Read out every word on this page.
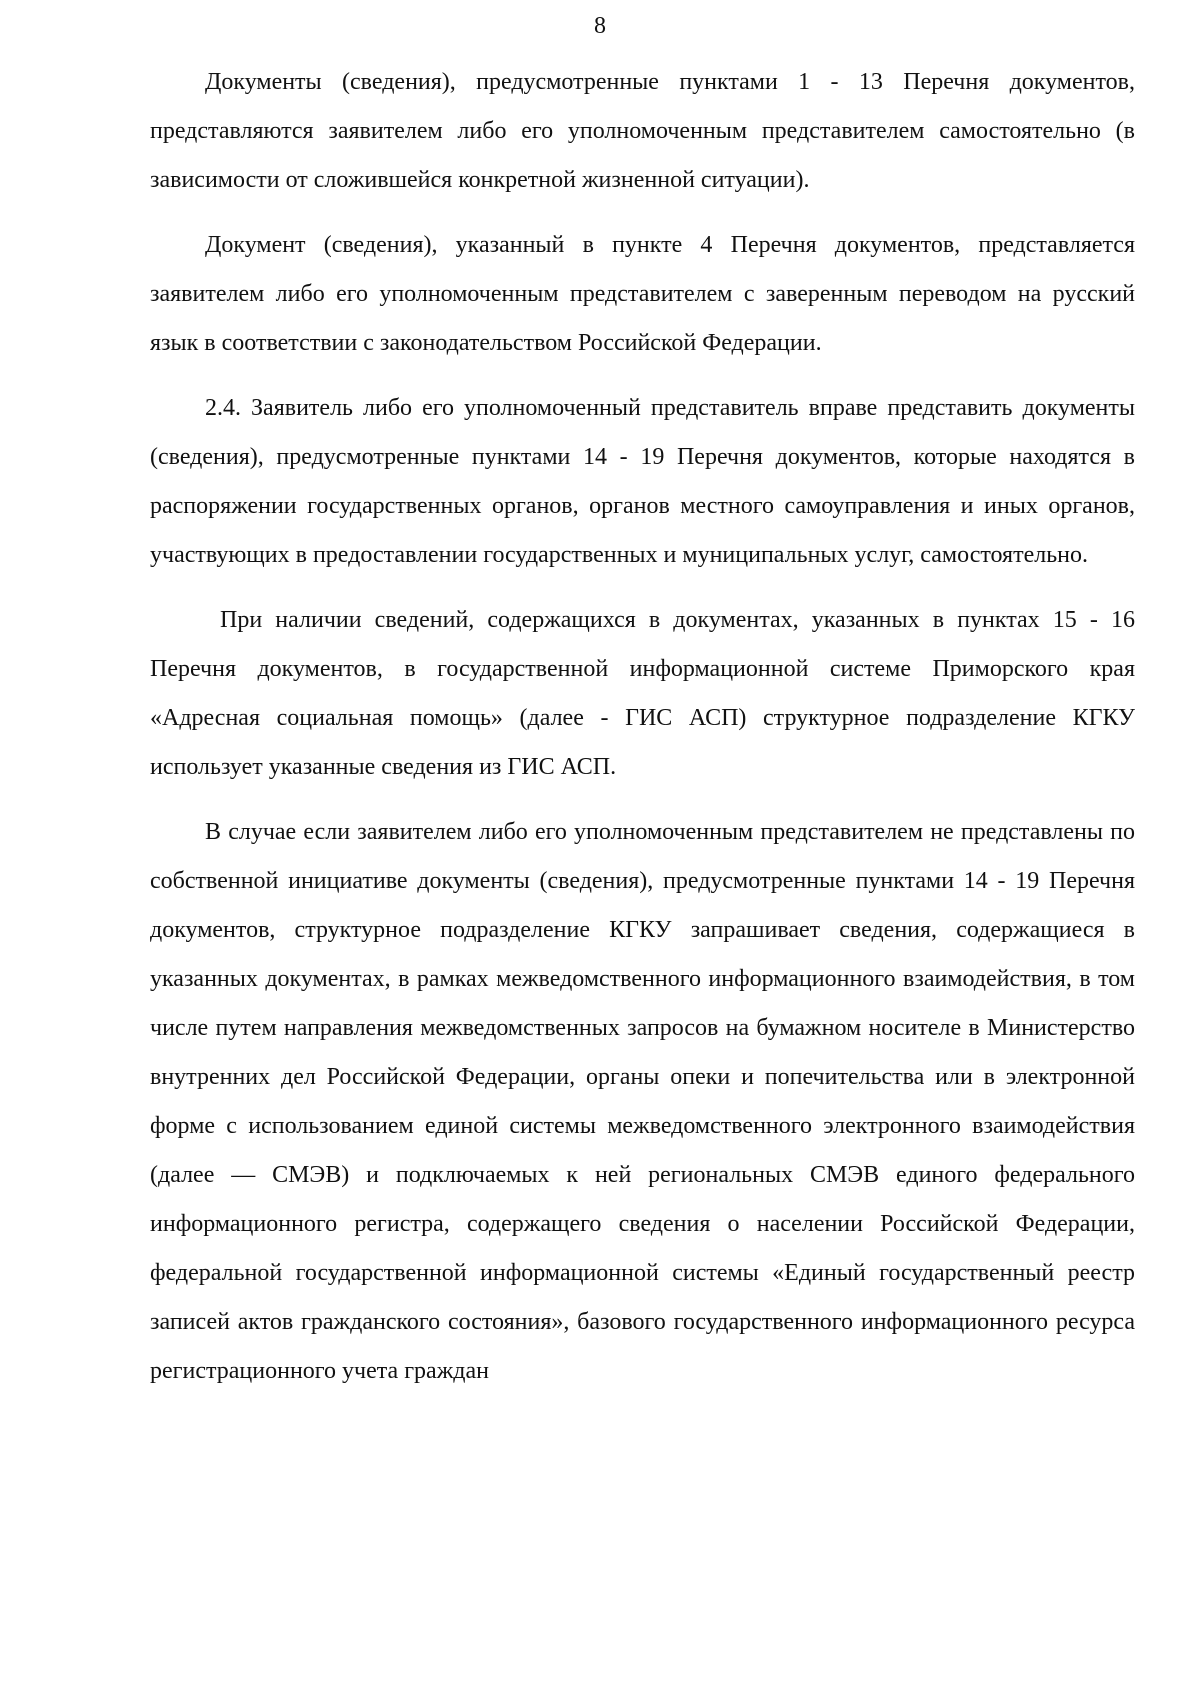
8

Документы (сведения), предусмотренные пунктами 1 - 13 Перечня документов, представляются заявителем либо его уполномоченным представителем самостоятельно (в зависимости от сложившейся конкретной жизненной ситуации).

Документ (сведения), указанный в пункте 4 Перечня документов, представляется заявителем либо его уполномоченным представителем с заверенным переводом на русский язык в соответствии с законодательством Российской Федерации.

2.4. Заявитель либо его уполномоченный представитель вправе представить документы (сведения), предусмотренные пунктами 14 - 19 Перечня документов, которые находятся в распоряжении государственных органов, органов местного самоуправления и иных органов, участвующих в предоставлении государственных и муниципальных услуг, самостоятельно.

При наличии сведений, содержащихся в документах, указанных в пунктах 15 - 16 Перечня документов, в государственной информационной системе Приморского края «Адресная социальная помощь» (далее - ГИС АСП) структурное подразделение КГКУ использует указанные сведения из ГИС АСП.

В случае если заявителем либо его уполномоченным представителем не представлены по собственной инициативе документы (сведения), предусмотренные пунктами 14 - 19 Перечня документов, структурное подразделение КГКУ запрашивает сведения, содержащиеся в указанных документах, в рамках межведомственного информационного взаимодействия, в том числе путем направления межведомственных запросов на бумажном носителе в Министерство внутренних дел Российской Федерации, органы опеки и попечительства или в электронной форме с использованием единой системы межведомственного электронного взаимодействия (далее — СМЭВ) и подключаемых к ней региональных СМЭВ единого федерального информационного регистра, содержащего сведения о населении Российской Федерации, федеральной государственной информационной системы «Единый государственный реестр записей актов гражданского состояния», базового государственного информационного ресурса регистрационного учета граждан
